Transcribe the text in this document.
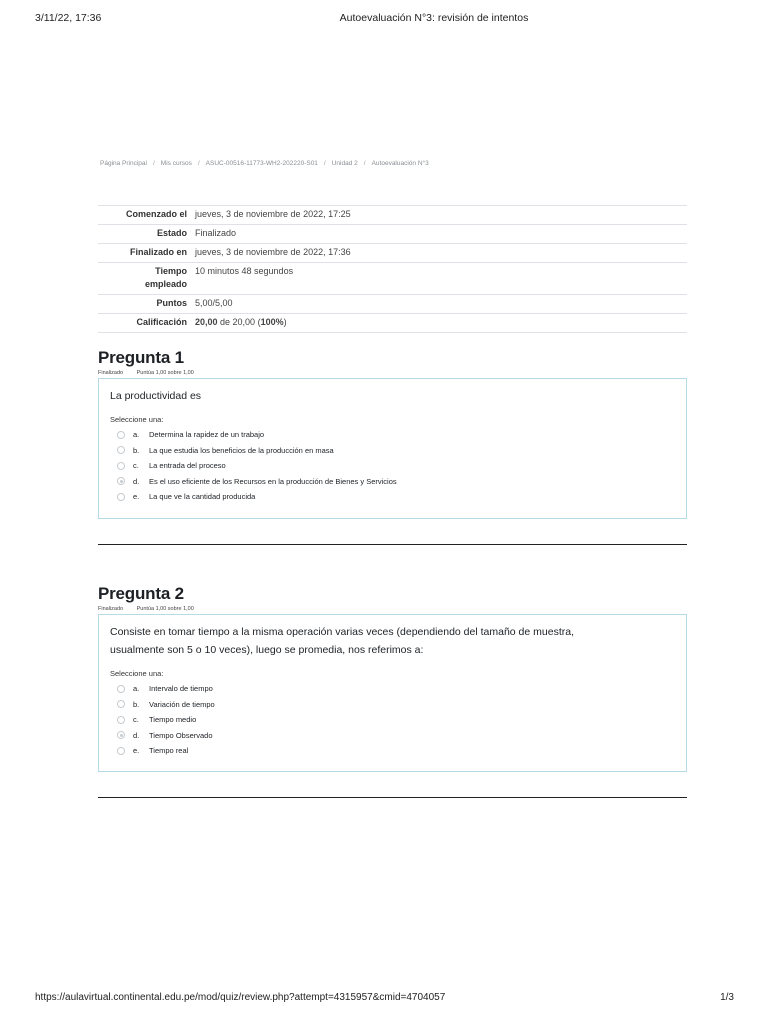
3/11/22, 17:36	Autoevaluación N°3: revisión de intentos
Página Principal / Mis cursos / ASUC-00516-11773-WH2-202220-S01 / Unidad 2 / Autoevaluación N°3
Comenzado el	jueves, 3 de noviembre de 2022, 17:25
Estado	Finalizado
Finalizado en	jueves, 3 de noviembre de 2022, 17:36
Tiempo
empleado	10 minutos 48 segundos
Puntos	5,00/5,00
Calificación	20,00 de 20,00 (100%)
Pregunta 1
Finalizado Puntúa 1,00 sobre 1,00
La productividad es
Seleccione una:
a.	Determina la rapidez de un trabajo
b.	La que estudia los beneficios de la producción en masa
c.	La entrada del proceso
d.	Es el uso eficiente de los Recursos en la producción de Bienes y Servicios
e.	La que ve la cantidad producida
Pregunta 2
Finalizado Puntúa 1,00 sobre 1,00
Consiste en tomar tiempo a la misma operación varias veces (dependiendo del tamaño de muestra,
usualmente son 5 o 10 veces), luego se promedia, nos referimos a:
Seleccione una:
a.	Intervalo de tiempo
b.	Variación de tiempo
c.	Tiempo medio
d.	Tiempo Observado
e.	Tiempo real
https://aulavirtual.continental.edu.pe/mod/quiz/review.php?attempt=4315957&cmid=4704057	1/3
